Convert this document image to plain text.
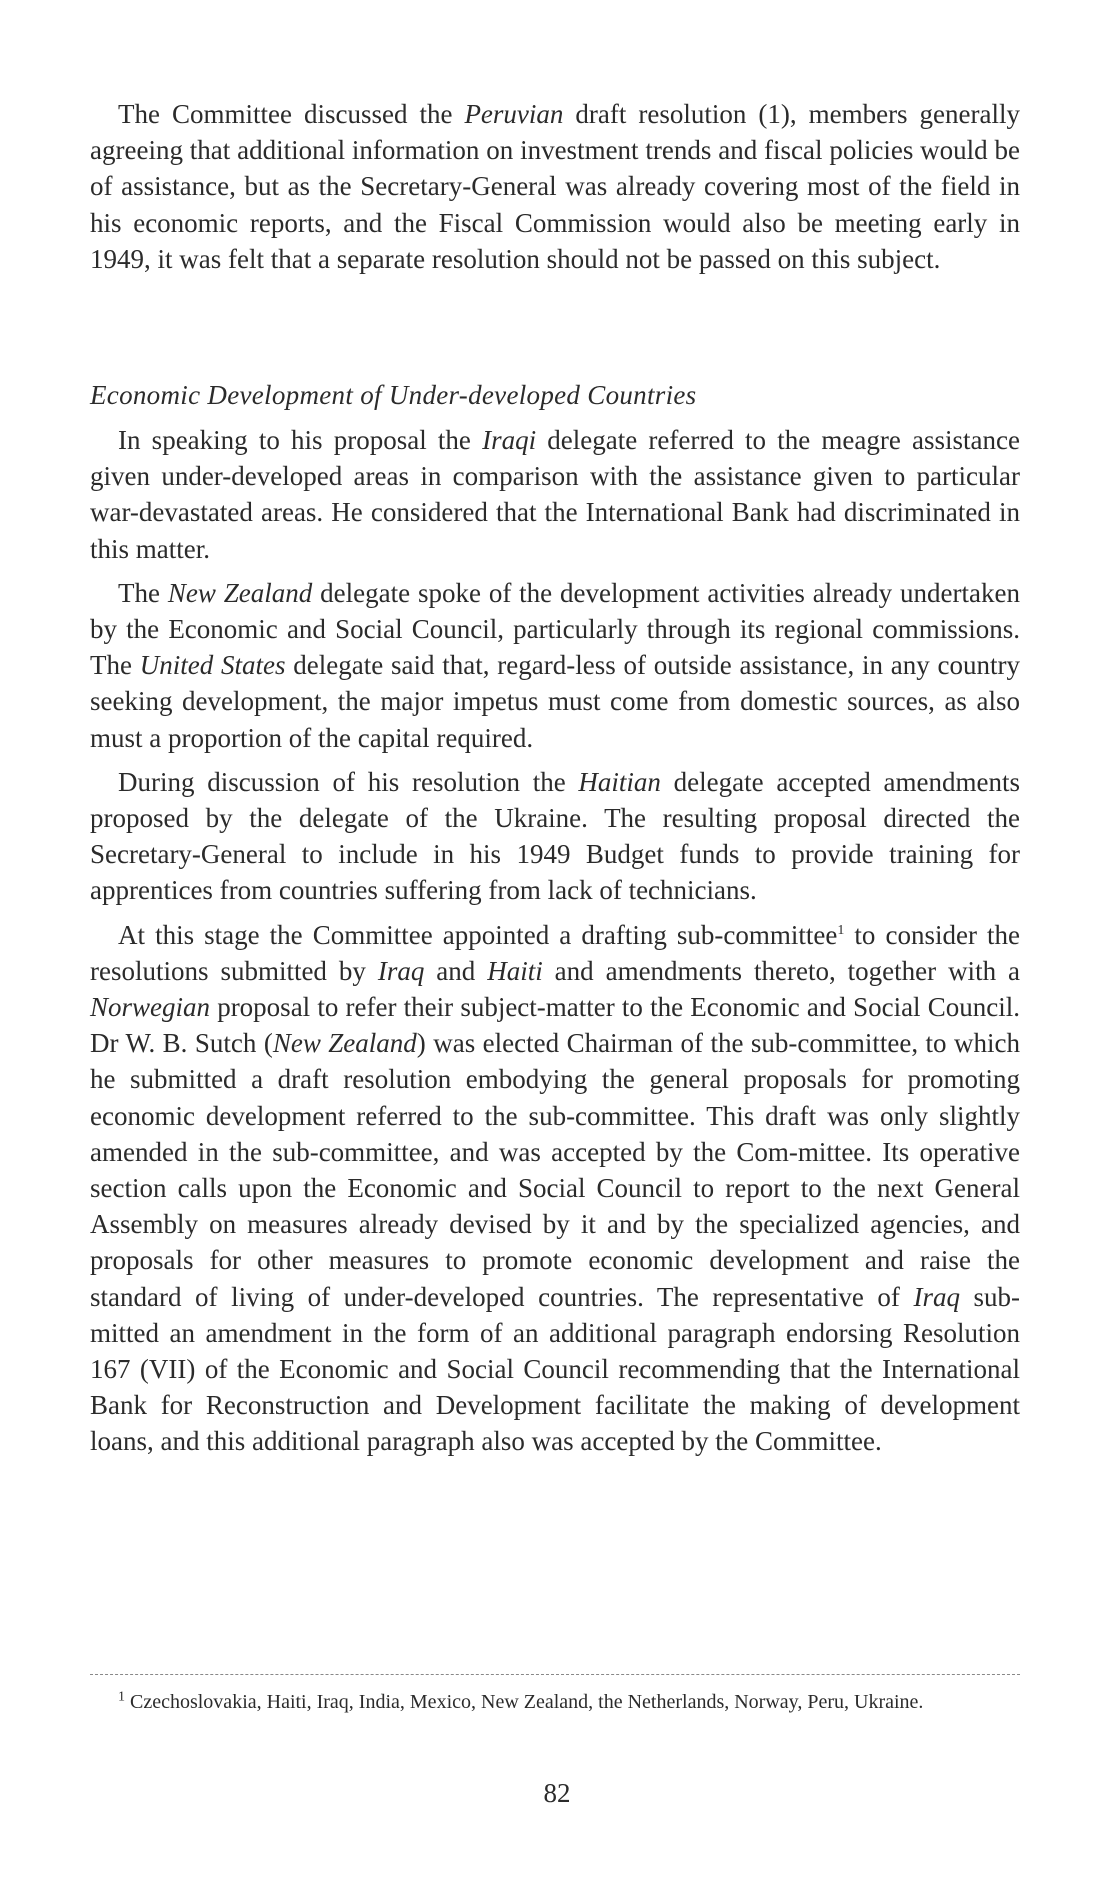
The Committee discussed the Peruvian draft resolution (1), members generally agreeing that additional information on investment trends and fiscal policies would be of assistance, but as the Secretary-General was already covering most of the field in his economic reports, and the Fiscal Commission would also be meeting early in 1949, it was felt that a separate resolution should not be passed on this subject.

Economic Development of Under-developed Countries

In speaking to his proposal the Iraqi delegate referred to the meagre assistance given under-developed areas in comparison with the assistance given to particular war-devastated areas. He considered that the International Bank had discriminated in this matter.

The New Zealand delegate spoke of the development activities already undertaken by the Economic and Social Council, particularly through its regional commissions. The United States delegate said that, regard-less of outside assistance, in any country seeking development, the major impetus must come from domestic sources, as also must a proportion of the capital required.

During discussion of his resolution the Haitian delegate accepted amendments proposed by the delegate of the Ukraine. The resulting proposal directed the Secretary-General to include in his 1949 Budget funds to provide training for apprentices from countries suffering from lack of technicians.

At this stage the Committee appointed a drafting sub-committee$^1$ to consider the resolutions submitted by Iraq and Haiti and amendments thereto, together with a Norwegian proposal to refer their subject-matter to the Economic and Social Council. Dr W. B. Sutch (New Zealand) was elected Chairman of the sub-committee, to which he submitted a draft resolution embodying the general proposals for promoting economic development referred to the sub-committee. This draft was only slightly amended in the sub-committee, and was accepted by the Com-mittee. Its operative section calls upon the Economic and Social Council to report to the next General Assembly on measures already devised by it and by the specialized agencies, and proposals for other measures to promote economic development and raise the standard of living of under-developed countries. The representative of Iraq sub-mitted an amendment in the form of an additional paragraph endorsing Resolution 167 (VII) of the Economic and Social Council recommending that the International Bank for Reconstruction and Development facilitate the making of development loans, and this additional paragraph also was accepted by the Committee.

$^1$ Czechoslovakia, Haiti, Iraq, India, Mexico, New Zealand, the Netherlands, Norway, Peru, Ukraine.
82
